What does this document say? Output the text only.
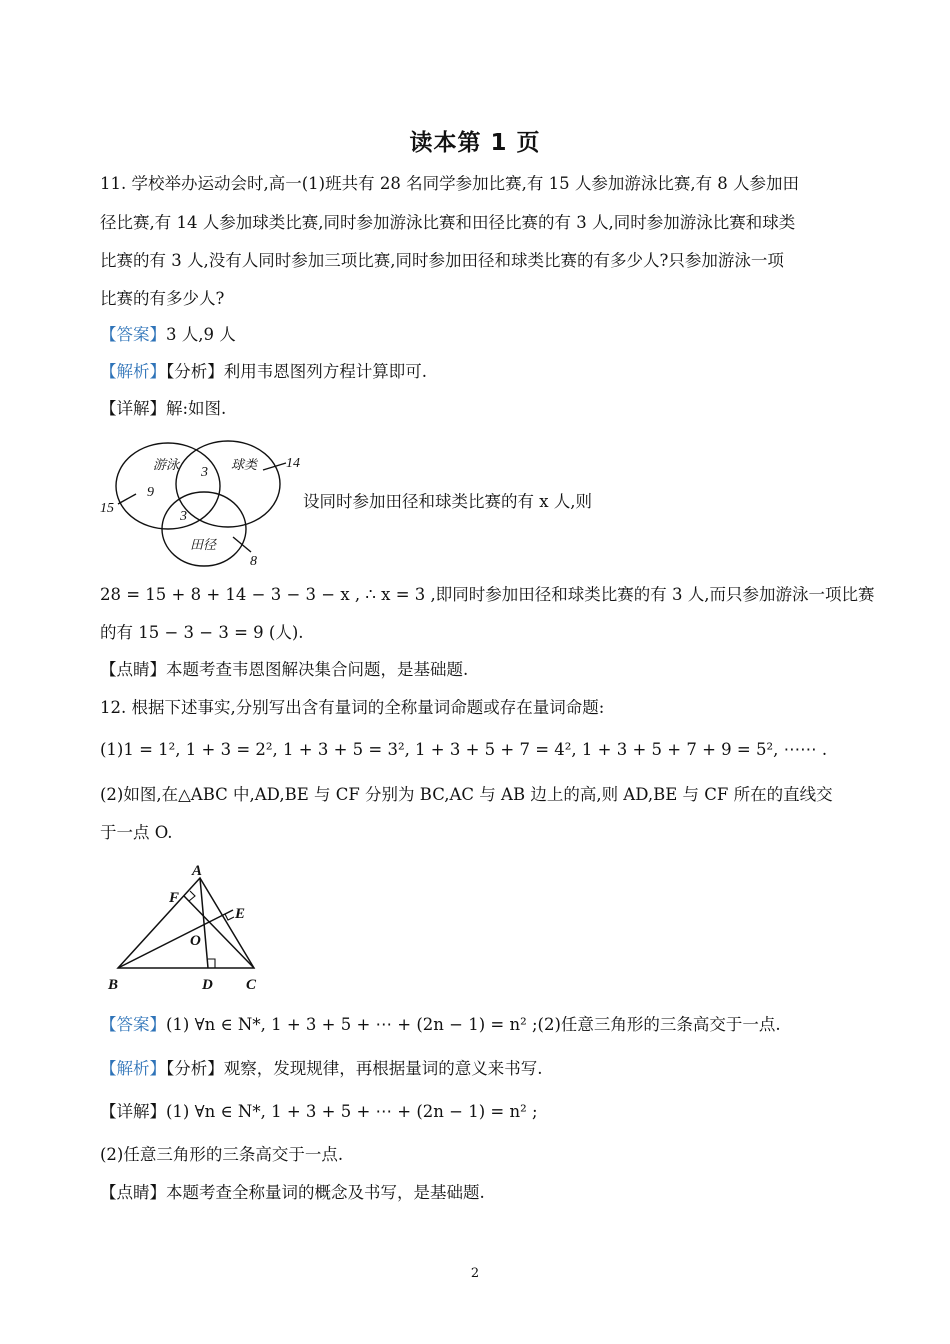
读本第 1 页
11. 学校举办运动会时,高一(1)班共有 28 名同学参加比赛,有 15 人参加游泳比赛,有 8 人参加田
径比赛,有 14 人参加球类比赛,同时参加游泳比赛和田径比赛的有 3 人,同时参加游泳比赛和球类
比赛的有 3 人,没有人同时参加三项比赛,同时参加田径和球类比赛的有多少人?只参加游泳一项
比赛的有多少人?
【答案】3 人,9 人
【解析】【分析】利用韦恩图列方程计算即可.
【详解】解:如图.
游泳	球类
田径
9
3
3
15
14
8
设同时参加田径和球类比赛的有 x 人,则
28 = 15 + 8 + 14 − 3 − 3 − x , ∴ x = 3 ,即同时参加田径和球类比赛的有 3 人,而只参加游泳一项比赛
的有 15 − 3 − 3 = 9 (人).
【点睛】本题考查韦恩图解决集合问题，是基础题.
12. 根据下述事实,分别写出含有量词的全称量词命题或存在量词命题:
(1)1 = 1², 1 + 3 = 2², 1 + 3 + 5 = 3², 1 + 3 + 5 + 7 = 4², 1 + 3 + 5 + 7 + 9 = 5², ⋯⋯ .
(2)如图,在△ABC 中,AD,BE 与 CF 分别为 BC,AC 与 AB 边上的高,则 AD,BE 与 CF 所在的直线交
于一点 O.
A
B	C
D
E
F
O
【答案】(1) ∀n ∈ N*, 1 + 3 + 5 + ⋯ + (2n − 1) = n² ;(2)任意三角形的三条高交于一点.
【解析】【分析】观察，发现规律，再根据量词的意义来书写.
【详解】(1) ∀n ∈ N*, 1 + 3 + 5 + ⋯ + (2n − 1) = n² ;
(2)任意三角形的三条高交于一点.
【点睛】本题考查全称量词的概念及书写，是基础题.
2
